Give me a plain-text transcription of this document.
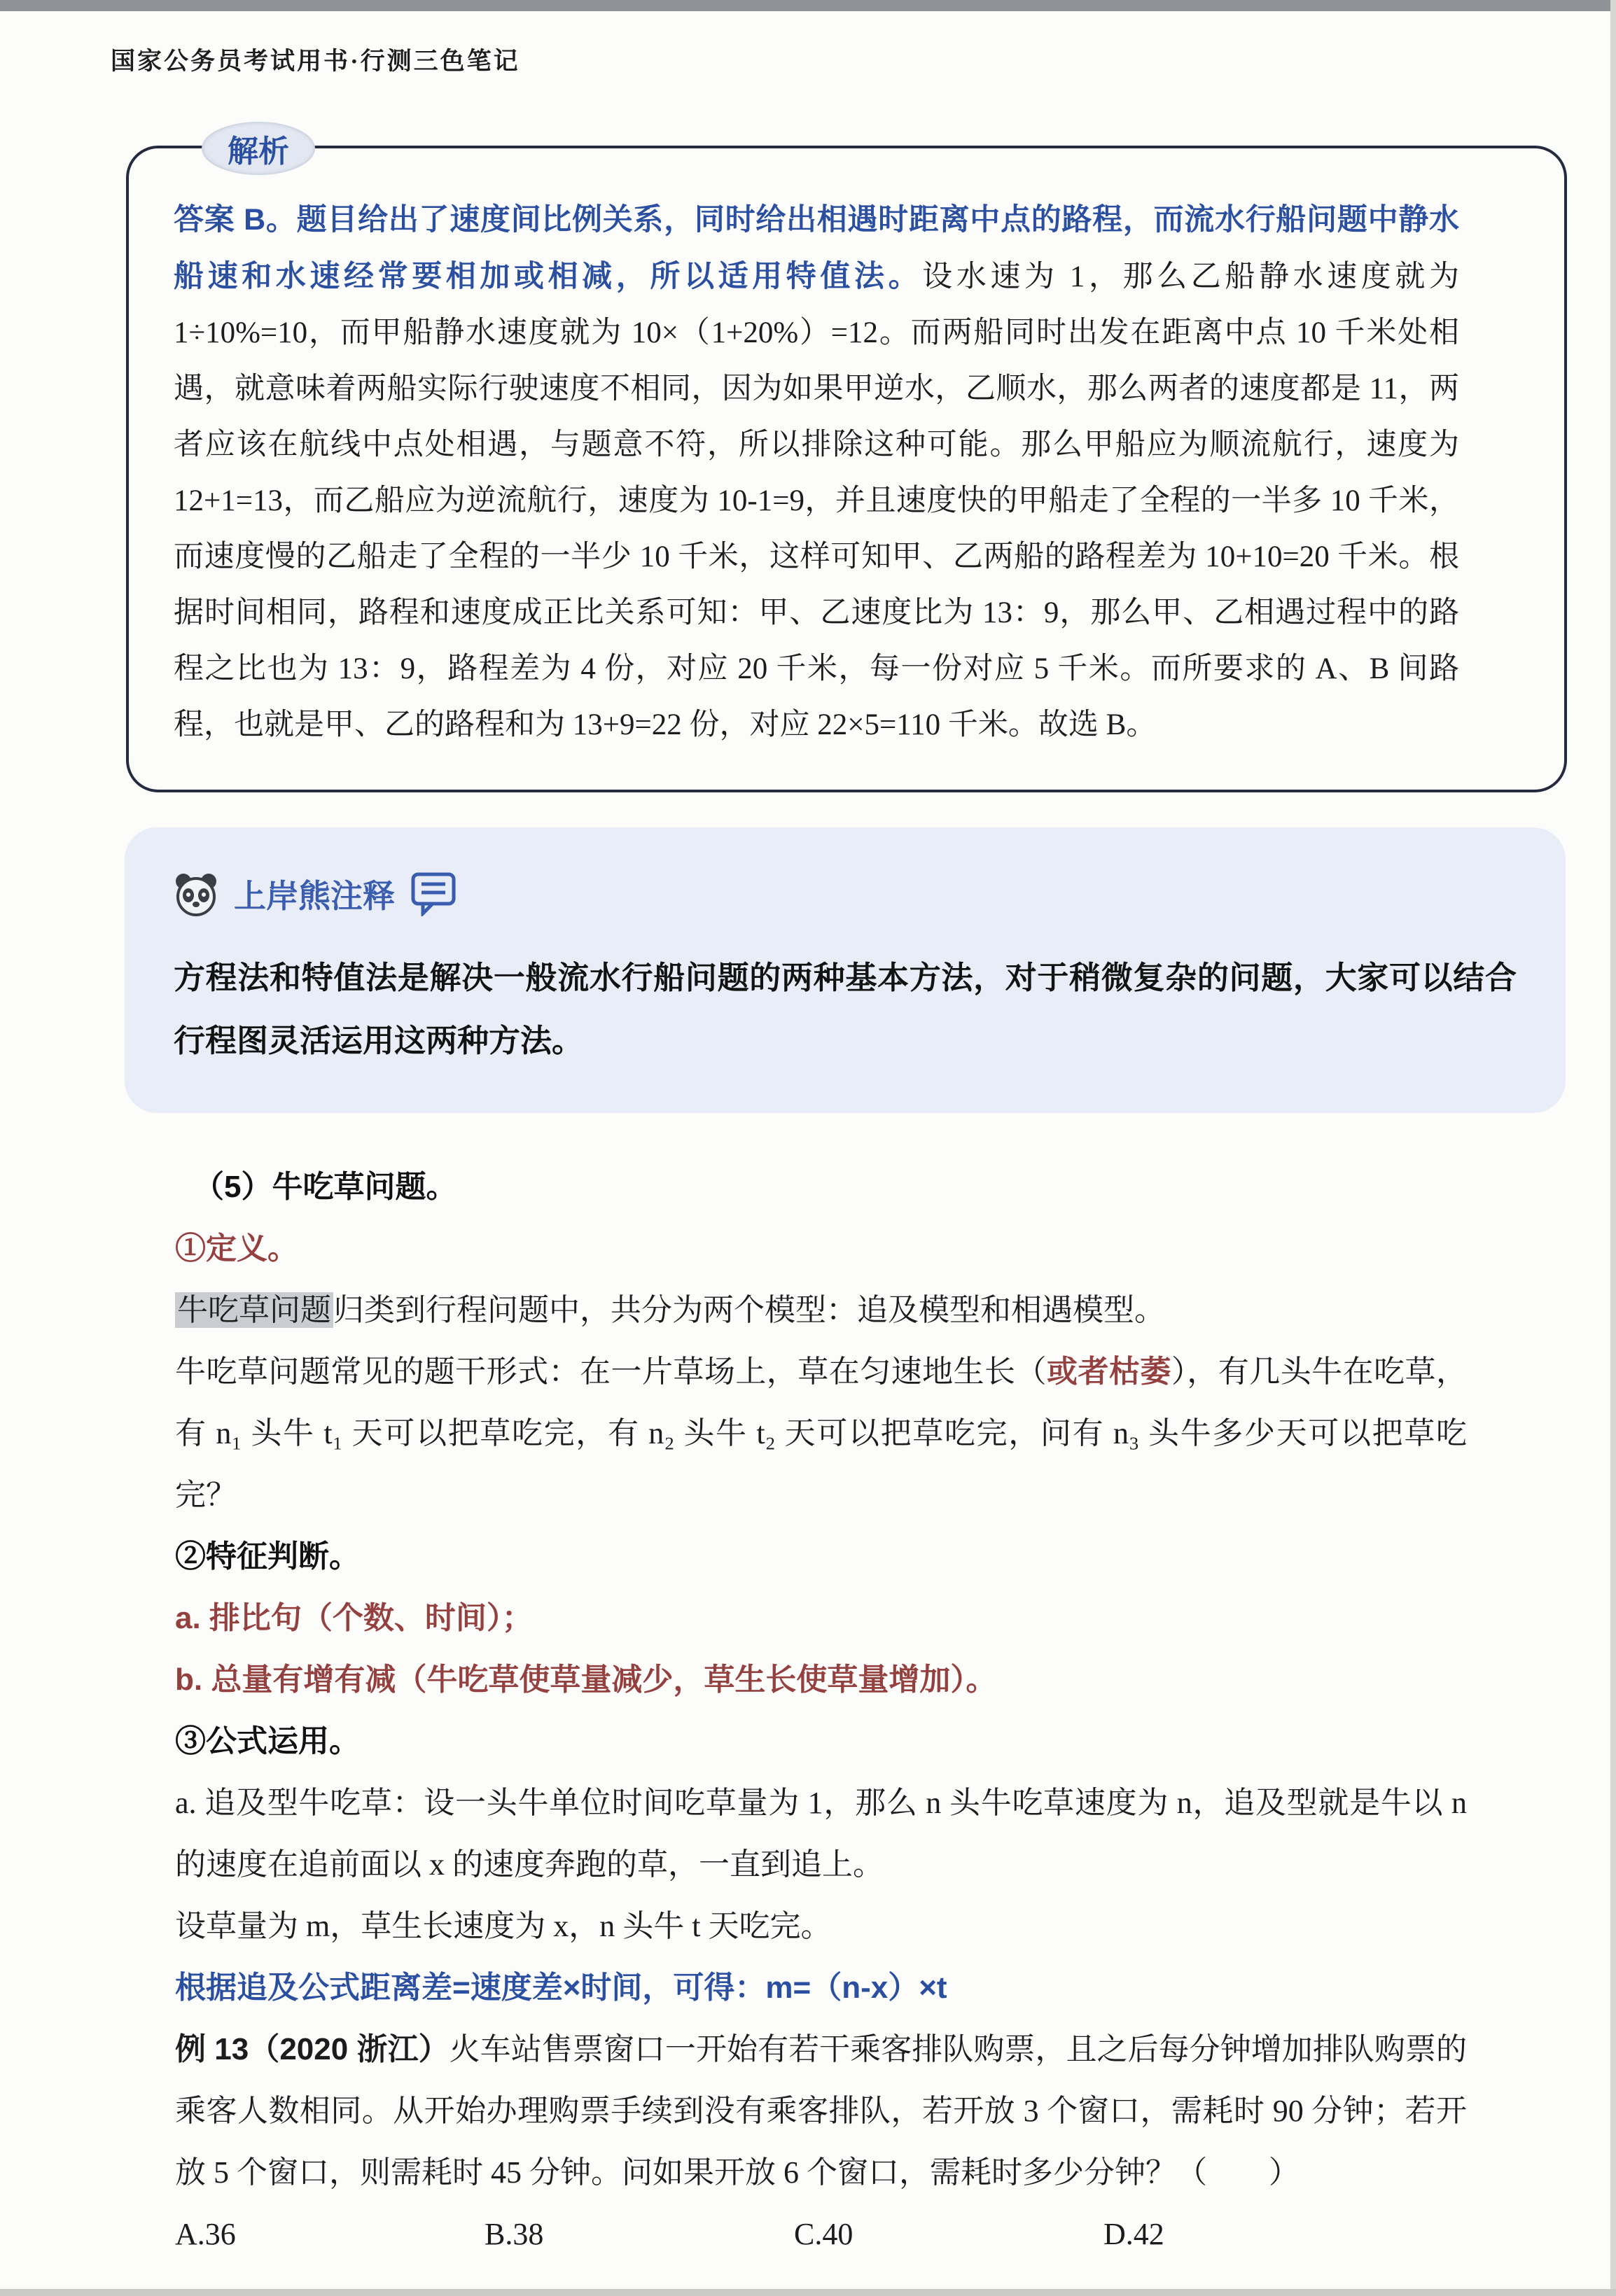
国家公务员考试用书·行测三色笔记
解析
答案 B。题目给出了速度间比例关系，同时给出相遇时距离中点的路程，而流水行船问题中静水船速和水速经常要相加或相减，所以适用特值法。设水速为 1，那么乙船静水速度就为 1÷10%=10，而甲船静水速度就为 10×（1+20%）=12。而两船同时出发在距离中点 10 千米处相遇，就意味着两船实际行驶速度不相同，因为如果甲逆水，乙顺水，那么两者的速度都是 11，两者应该在航线中点处相遇，与题意不符，所以排除这种可能。那么甲船应为顺流航行，速度为 12+1=13，而乙船应为逆流航行，速度为 10-1=9，并且速度快的甲船走了全程的一半多 10 千米，而速度慢的乙船走了全程的一半少 10 千米，这样可知甲、乙两船的路程差为 10+10=20 千米。根据时间相同，路程和速度成正比关系可知：甲、乙速度比为 13：9，那么甲、乙相遇过程中的路程之比也为 13：9，路程差为 4 份，对应 20 千米，每一份对应 5 千米。而所要求的 A、B 间路程，也就是甲、乙的路程和为 13+9=22 份，对应 22×5=110 千米。故选 B。
上岸熊注释
方程法和特值法是解决一般流水行船问题的两种基本方法，对于稍微复杂的问题，大家可以结合行程图灵活运用这两种方法。

（5）牛吃草问题。

①定义。

牛吃草问题归类到行程问题中，共分为两个模型：追及模型和相遇模型。

牛吃草问题常见的题干形式：在一片草场上，草在匀速地生长（或者枯萎），有几头牛在吃草，有 n₁ 头牛 t₁ 天可以把草吃完，有 n₂ 头牛 t₂ 天可以把草吃完，问有 n₃ 头牛多少天可以把草吃完？

②特征判断。

a. 排比句（个数、时间）；

b. 总量有增有减（牛吃草使草量减少，草生长使草量增加）。

③公式运用。

a. 追及型牛吃草：设一头牛单位时间吃草量为 1，那么 n 头牛吃草速度为 n，追及型就是牛以 n 的速度在追前面以 x 的速度奔跑的草，一直到追上。

设草量为 m，草生长速度为 x，n 头牛 t 天吃完。

根据追及公式距离差=速度差×时间，可得：m=（n-x）×t

例 13（2020 浙江）火车站售票窗口一开始有若干乘客排队购票，且之后每分钟增加排队购票的乘客人数相同。从开始办理购票手续到没有乘客排队，若开放 3 个窗口，需耗时 90 分钟；若开放 5 个窗口，则需耗时 45 分钟。问如果开放 6 个窗口，需耗时多少分钟？（　　）

A.36	B.38	C.40	D.42
